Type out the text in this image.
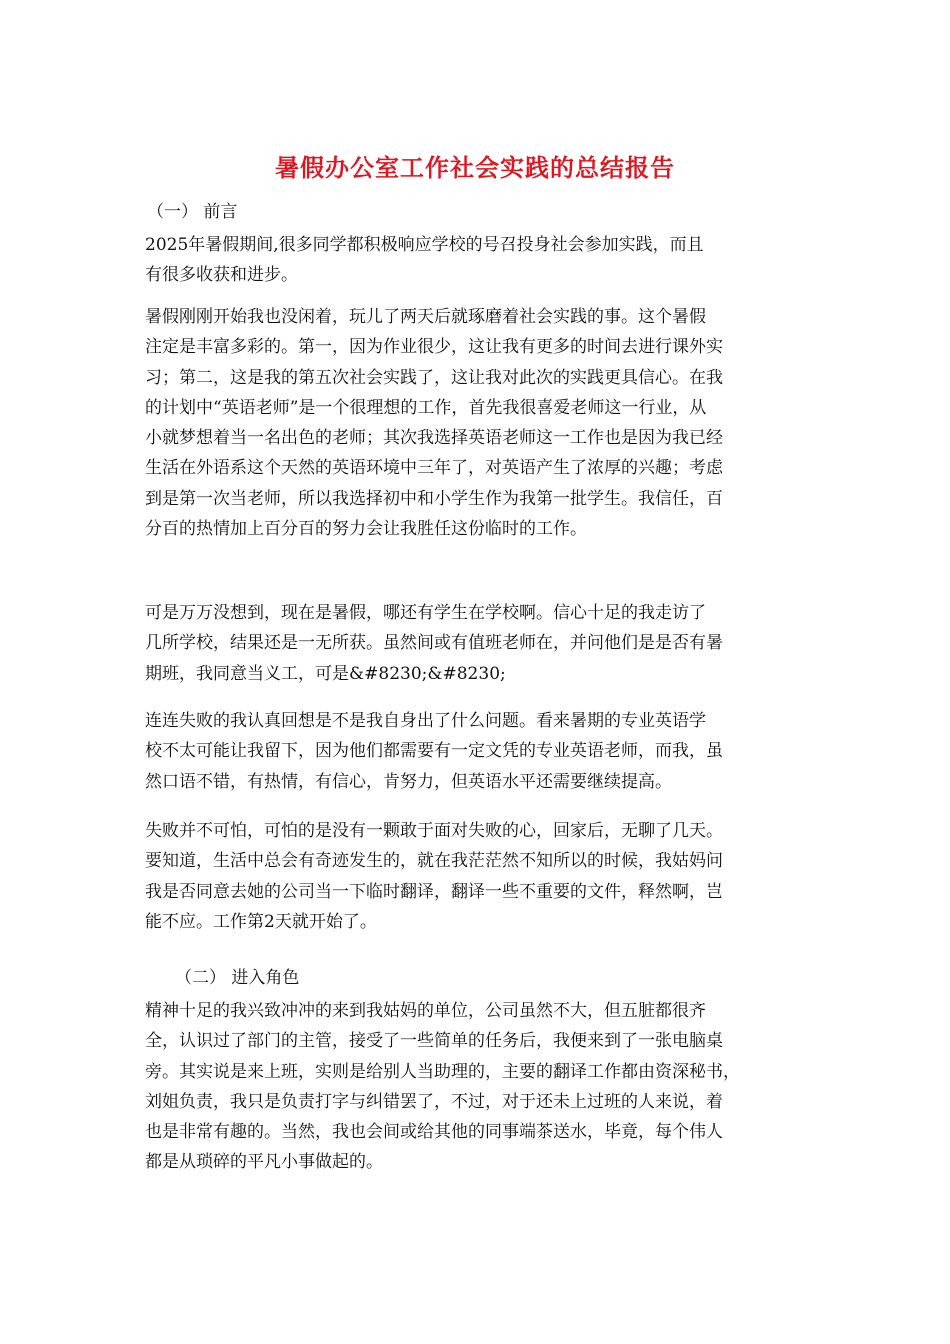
暑假办公室工作社会实践的总结报告
（一） 前言
2025年暑假期间,很多同学都积极响应学校的号召投身社会参加实践，而且
有很多收获和进步。
暑假刚刚开始我也没闲着，玩儿了两天后就琢磨着社会实践的事。这个暑假
注定是丰富多彩的。第一，因为作业很少，这让我有更多的时间去进行课外实
习；第二，这是我的第五次社会实践了，这让我对此次的实践更具信心。在我
的计划中“英语老师”是一个很理想的工作，首先我很喜爱老师这一行业，从
小就梦想着当一名出色的老师；其次我选择英语老师这一工作也是因为我已经
生活在外语系这个天然的英语环境中三年了，对英语产生了浓厚的兴趣；考虑
到是第一次当老师，所以我选择初中和小学生作为我第一批学生。我信任，百
分百的热情加上百分百的努力会让我胜任这份临时的工作。
可是万万没想到，现在是暑假，哪还有学生在学校啊。信心十足的我走访了
几所学校，结果还是一无所获。虽然间或有值班老师在，并问他们是是否有暑
期班，我同意当义工，可是&#8230;&#8230;
连连失败的我认真回想是不是我自身出了什么问题。看来暑期的专业英语学
校不太可能让我留下，因为他们都需要有一定文凭的专业英语老师，而我，虽
然口语不错，有热情，有信心，肯努力，但英语水平还需要继续提高。
失败并不可怕，可怕的是没有一颗敢于面对失败的心，回家后，无聊了几天。
要知道，生活中总会有奇迹发生的，就在我茫茫然不知所以的时候，我姑妈问
我是否同意去她的公司当一下临时翻译，翻译一些不重要的文件，释然啊，岂
能不应。工作第2天就开始了。
（二） 进入角色
精神十足的我兴致冲冲的来到我姑妈的单位，公司虽然不大，但五脏都很齐
全，认识过了部门的主管，接受了一些简单的任务后，我便来到了一张电脑桌
旁。其实说是来上班，实则是给别人当助理的，主要的翻译工作都由资深秘书，
刘姐负责，我只是负责打字与纠错罢了，不过，对于还未上过班的人来说，着
也是非常有趣的。当然，我也会间或给其他的同事端茶送水，毕竟，每个伟人
都是从琐碎的平凡小事做起的。
